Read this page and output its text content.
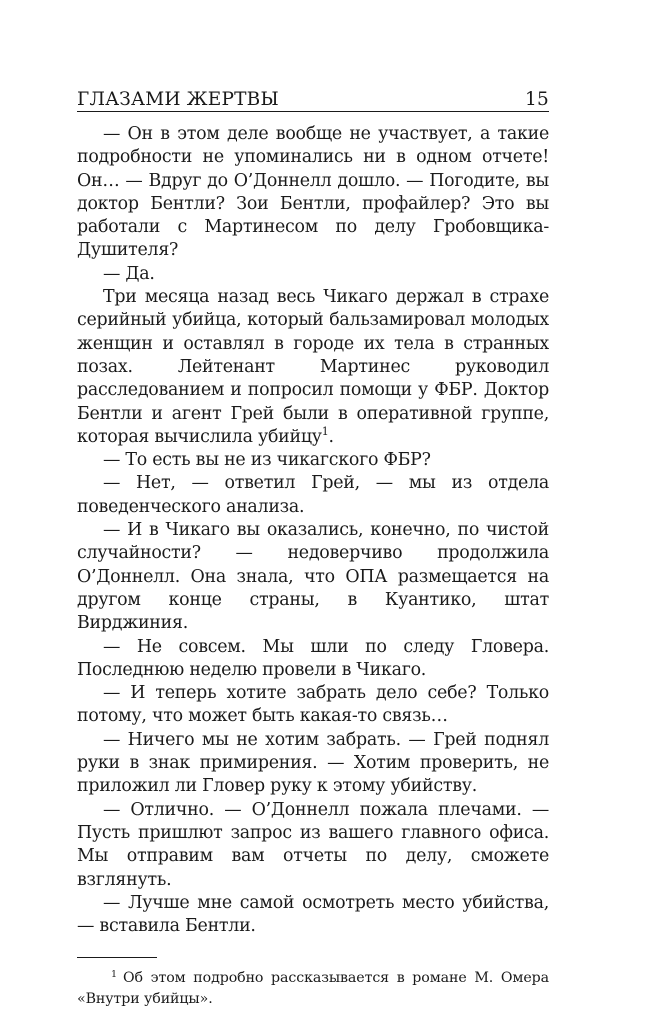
ГЛАЗАМИ ЖЕРТВЫ	15

— Он в этом деле вообще не участвует, а такие подробности не упоминались ни в одном отчете! Он… — Вдруг до О’Доннелл дошло. — Погодите, вы доктор Бентли? Зои Бентли, профайлер? Это вы работали с Мартинесом по делу Гробовщика-Душителя?

— Да.

Три месяца назад весь Чикаго держал в страхе серийный убийца, который бальзамировал молодых женщин и оставлял в городе их тела в странных позах. Лейтенант Мартинес руководил расследованием и попросил помощи у ФБР. Доктор Бентли и агент Грей были в оперативной группе, которая вычислила убийцу$^1$.

— То есть вы не из чикагского ФБР?

— Нет, — ответил Грей, — мы из отдела поведенческого анализа.

— И в Чикаго вы оказались, конечно, по чистой случайности? — недоверчиво продолжила О’Доннелл. Она знала, что ОПА размещается на другом конце страны, в Куантико, штат Вирджиния.

— Не совсем. Мы шли по следу Гловера. Последнюю неделю провели в Чикаго.

— И теперь хотите забрать дело себе? Только потому, что может быть какая-то связь…

— Ничего мы не хотим забрать. — Грей поднял руки в знак примирения. — Хотим проверить, не приложил ли Гловер руку к этому убийству.

— Отлично. — О’Доннелл пожала плечами. — Пусть пришлют запрос из вашего главного офиса. Мы отправим вам отчеты по делу, сможете взглянуть.

— Лучше мне самой осмотреть место убийства, — вставила Бентли.

$^1$ Об этом подробно рассказывается в романе М. Омера «Внутри убийцы».
